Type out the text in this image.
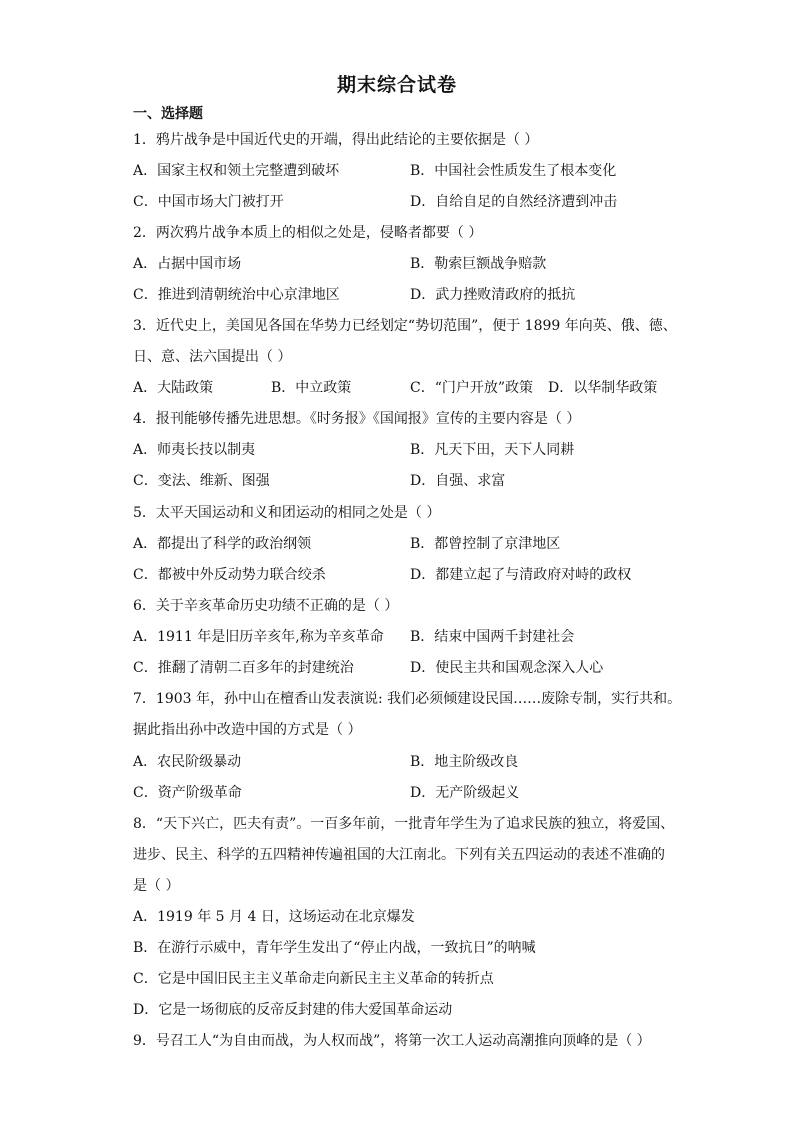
期末综合试卷
一、选择题
1．鸦片战争是中国近代史的开端，得出此结论的主要依据是（ ）
A．国家主权和领土完整遭到破坏	B．中国社会性质发生了根本变化
C．中国市场大门被打开	D．自给自足的自然经济遭到冲击
2．两次鸦片战争本质上的相似之处是，侵略者都要（ ）
A．占据中国市场	B．勒索巨额战争赔款
C．推进到清朝统治中心京津地区	D．武力挫败清政府的抵抗
3．近代史上，美国见各国在华势力已经划定“势切范围”，便于 1899 年向英、俄、德、
日、意、法六国提出（ ）
A．大陆政策	B．中立政策	C．“门户开放”政策 D．以华制华政策
4．报刊能够传播先进思想。《时务报》《国闻报》宣传的主要内容是（ ）
A．师夷长技以制夷	B．凡天下田，天下人同耕
C．变法、维新、图强	D．自强、求富
5．太平天国运动和义和团运动的相同之处是（ ）
A．都提出了科学的政治纲领	B．都曾控制了京津地区
C．都被中外反动势力联合绞杀	D．都建立起了与清政府对峙的政权
6．关于辛亥革命历史功绩不正确的是（ ）
A．1911 年是旧历辛亥年,称为辛亥革命 B．结束中国两千封建社会
C．推翻了清朝二百多年的封建统治	D．使民主共和国观念深入人心
7．1903 年，孙中山在檀香山发表演说: 我们必须倾建设民国……废除专制，实行共和。
据此指出孙中改造中国的方式是（ ）
A．农民阶级暴动	B．地主阶级改良
C．资产阶级革命	D．无产阶级起义
8．“天下兴亡，匹夫有责”。一百多年前，一批青年学生为了追求民族的独立，将爱国、
进步、民主、科学的五四精神传遍祖国的大江南北。下列有关五四运动的表述不准确的
是（ ）
A．1919 年 5 月 4 日，这场运动在北京爆发
B．在游行示威中，青年学生发出了“停止内战，一致抗日”的呐喊
C．它是中国旧民主主义革命走向新民主主义革命的转折点
D．它是一场彻底的反帝反封建的伟大爱国革命运动
9．号召工人“为自由而战，为人权而战”，将第一次工人运动高潮推向顶峰的是（ ）
